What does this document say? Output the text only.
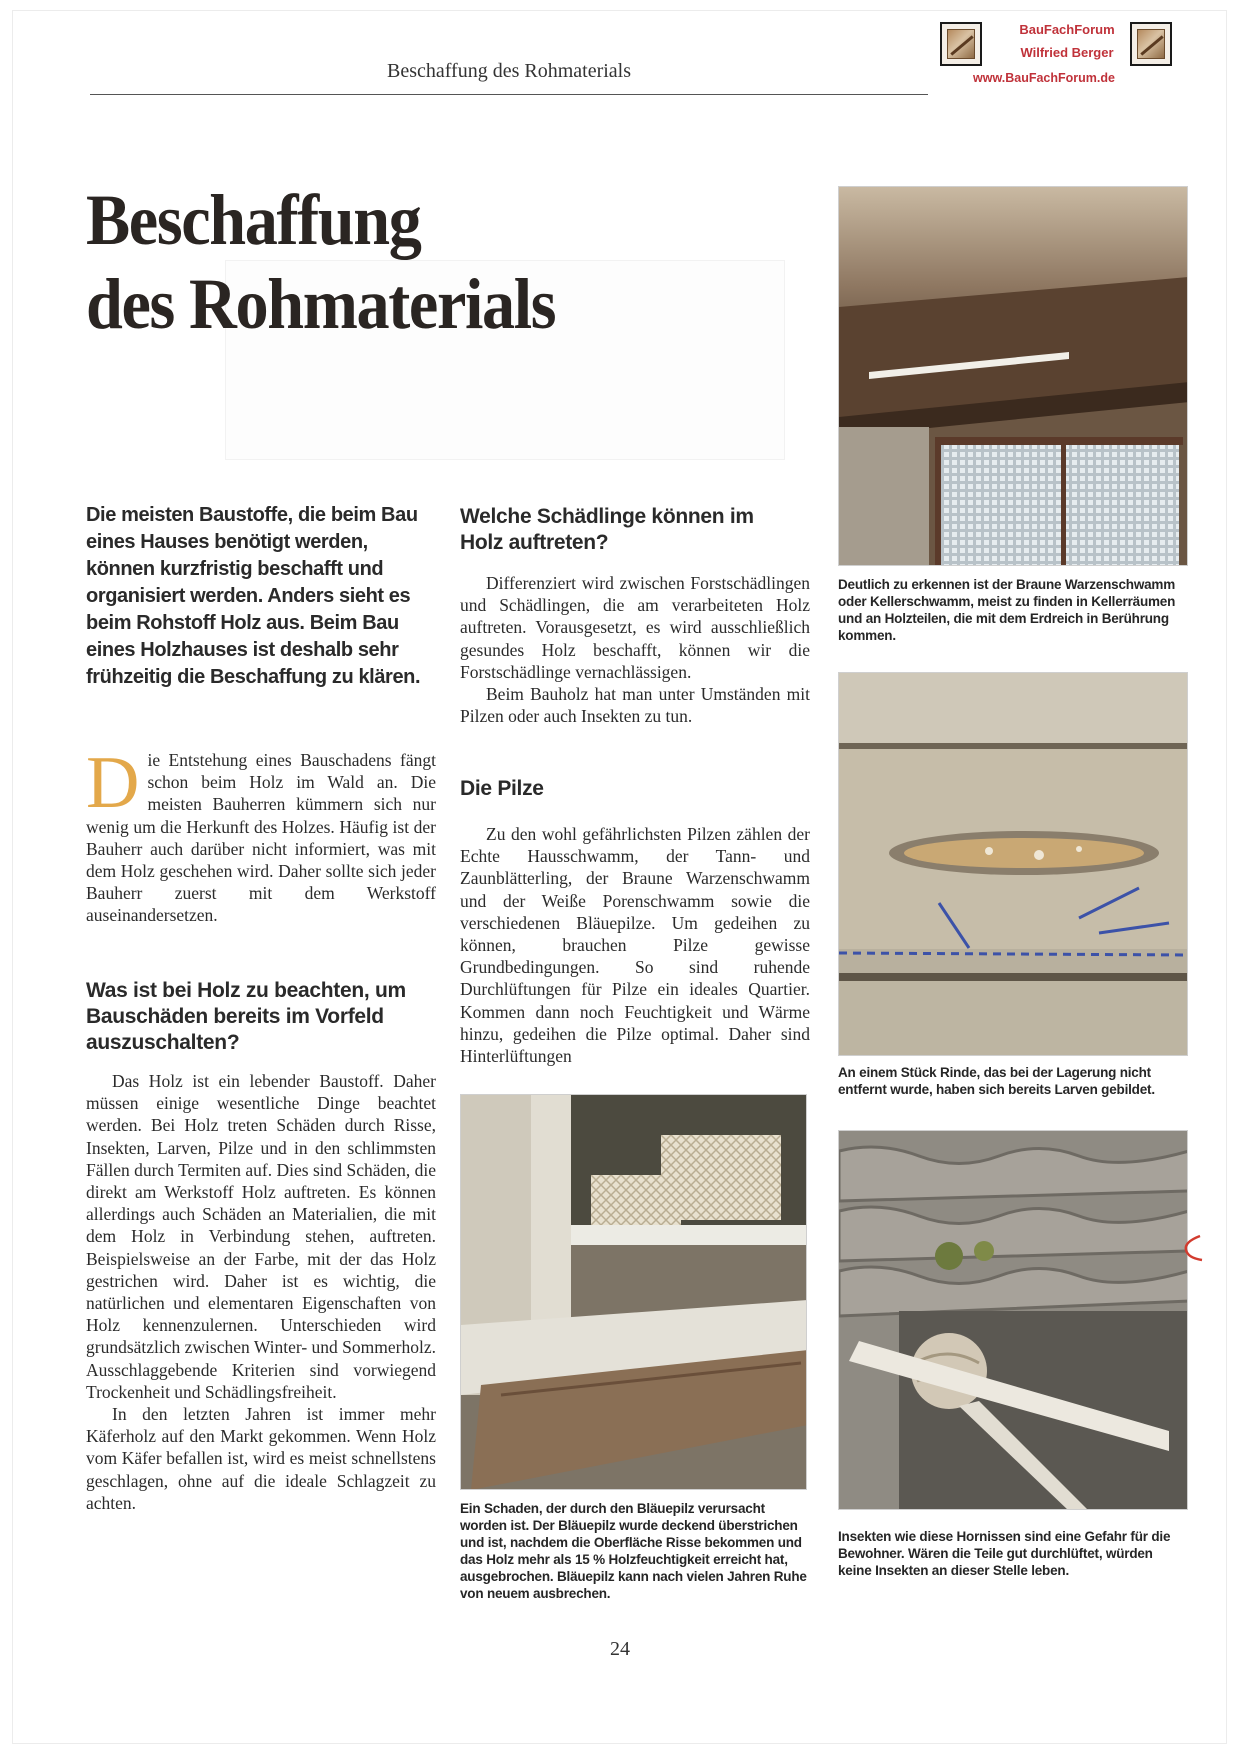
Beschaffung des Rohmaterials
BauFachForum
Wilfried Berger
www.BauFachForum.de
Beschaffung
des Rohmaterials
Die meisten Baustoffe, die beim Bau eines Hauses benötigt werden, können kurzfristig beschafft und organisiert werden. Anders sieht es beim Rohstoff Holz aus. Beim Bau eines Holzhauses ist deshalb sehr frühzeitig die Beschaffung zu klären.

Die Entstehung eines Bauschadens fängt schon beim Holz im Wald an. Die meisten Bauherren kümmern sich nur wenig um die Herkunft des Holzes. Häufig ist der Bauherr auch darüber nicht informiert, was mit dem Holz geschehen wird. Daher sollte sich jeder Bauherr zuerst mit dem Werkstoff auseinandersetzen.

Was ist bei Holz zu beachten, um Bauschäden bereits im Vorfeld auszuschalten?

Das Holz ist ein lebender Baustoff. Daher müssen einige wesentliche Dinge beachtet werden. Bei Holz treten Schäden durch Risse, Insekten, Larven, Pilze und in den schlimmsten Fällen durch Termiten auf. Dies sind Schäden, die direkt am Werkstoff Holz auftreten. Es können allerdings auch Schäden an Materialien, die mit dem Holz in Verbindung stehen, auftreten. Beispielsweise an der Farbe, mit der das Holz gestrichen wird. Daher ist es wichtig, die natürlichen und elementaren Eigenschaften von Holz kennenzulernen. Unterschieden wird grundsätzlich zwischen Winter- und Sommerholz. Ausschlaggebende Kriterien sind vorwiegend Trockenheit und Schädlingsfreiheit.

In den letzten Jahren ist immer mehr Käferholz auf den Markt gekommen. Wenn Holz vom Käfer befallen ist, wird es meist schnellstens geschlagen, ohne auf die ideale Schlagzeit zu achten.

Welche Schädlinge können im Holz auftreten?

Differenziert wird zwischen Forstschädlingen und Schädlingen, die am verarbeiteten Holz auftreten. Vorausgesetzt, es wird ausschließlich gesundes Holz beschafft, können wir die Forstschädlinge vernachlässigen.

Beim Bauholz hat man unter Umständen mit Pilzen oder auch Insekten zu tun.

Die Pilze

Zu den wohl gefährlichsten Pilzen zählen der Echte Hausschwamm, der Tann- und Zaunblätterling, der Braune Warzenschwamm und der Weiße Porenschwamm sowie die verschiedenen Bläuepilze. Um gedeihen zu können, brauchen Pilze gewisse Grundbedingungen. So sind ruhende Durchlüftungen für Pilze ein ideales Quartier. Kommen dann noch Feuchtigkeit und Wärme hinzu, gedeihen die Pilze optimal. Daher sind Hinterlüftungen

Deutlich zu erkennen ist der Braune Warzenschwamm oder Kellerschwamm, meist zu finden in Kellerräumen und an Holzteilen, die mit dem Erdreich in Berührung kommen.
An einem Stück Rinde, das bei der Lagerung nicht entfernt wurde, haben sich bereits Larven gebildet.
Ein Schaden, der durch den Bläuepilz verursacht worden ist. Der Bläuepilz wurde deckend überstrichen und ist, nachdem die Oberfläche Risse bekommen und das Holz mehr als 15 % Holzfeuchtigkeit erreicht hat, ausgebrochen. Bläuepilz kann nach vielen Jahren Ruhe von neuem ausbrechen.
Insekten wie diese Hornissen sind eine Gefahr für die Bewohner. Wären die Teile gut durchlüftet, würden keine Insekten an dieser Stelle leben.
24
